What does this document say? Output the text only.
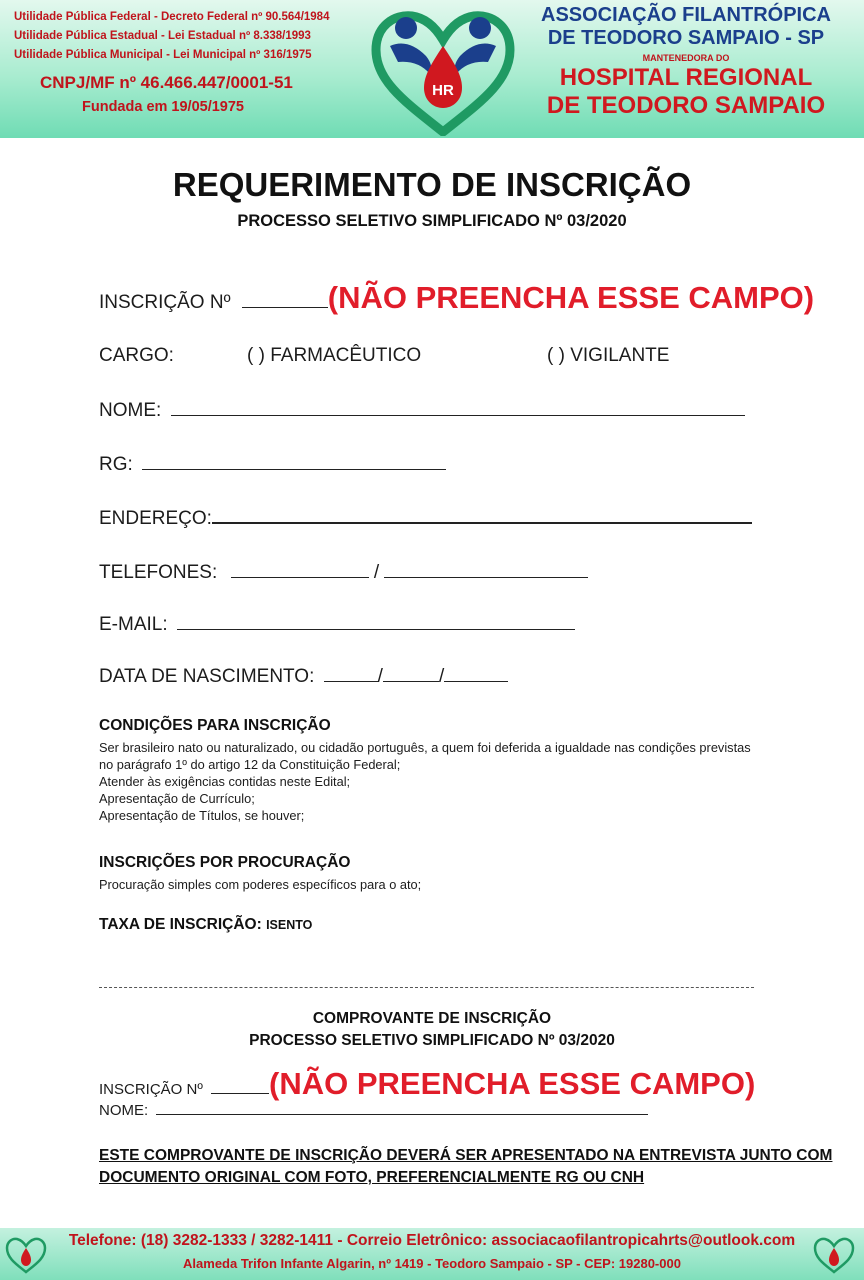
Utilidade Pública Federal - Decreto Federal nº 90.564/1984
Utilidade Pública Estadual - Lei Estadual nº 8.338/1993
Utilidade Pública Municipal - Lei Municipal nº 316/1975
CNPJ/MF nº 46.466.447/0001-51
Fundada em 19/05/1975
HR
ASSOCIAÇÃO FILANTRÓPICA
DE TEODORO SAMPAIO - SP
MANTENEDORA DO
HOSPITAL REGIONAL
DE TEODORO SAMPAIO
REQUERIMENTO DE INSCRIÇÃO
PROCESSO SELETIVO SIMPLIFICADO Nº 03/2020
INSCRIÇÃO Nº	(NÃO PREENCHA ESSE CAMPO)
CARGO:	( ) FARMACÊUTICO	( ) VIGILANTE
NOME:
RG:
ENDEREÇO:
TELEFONES:	/
E-MAIL:
DATA DE NASCIMENTO:	/	/
CONDIÇÕES PARA INSCRIÇÃO
Ser brasileiro nato ou naturalizado, ou cidadão português, a quem foi deferida a igualdade nas condições previstas
no parágrafo 1º do artigo 12 da Constituição Federal;
Atender às exigências contidas neste Edital;
Apresentação de Currículo;
Apresentação de Títulos, se houver;
INSCRIÇÕES POR PROCURAÇÃO
Procuração simples com poderes específicos para o ato;
TAXA DE INSCRIÇÃO: ISENTO
COMPROVANTE DE INSCRIÇÃO
PROCESSO SELETIVO SIMPLIFICADO Nº 03/2020
INSCRIÇÃO Nº (NÃO PREENCHA ESSE CAMPO)
NOME:
ESTE COMPROVANTE DE INSCRIÇÃO DEVERÁ SER APRESENTADO NA ENTREVISTA JUNTO COM
DOCUMENTO ORIGINAL COM FOTO, PREFERENCIALMENTE RG OU CNH
Telefone: (18) 3282-1333 / 3282-1411 - Correio Eletrônico: associacaofilantropicahrts@outlook.com
Alameda Trifon Infante Algarin, nº 1419 - Teodoro Sampaio - SP - CEP: 19280-000
